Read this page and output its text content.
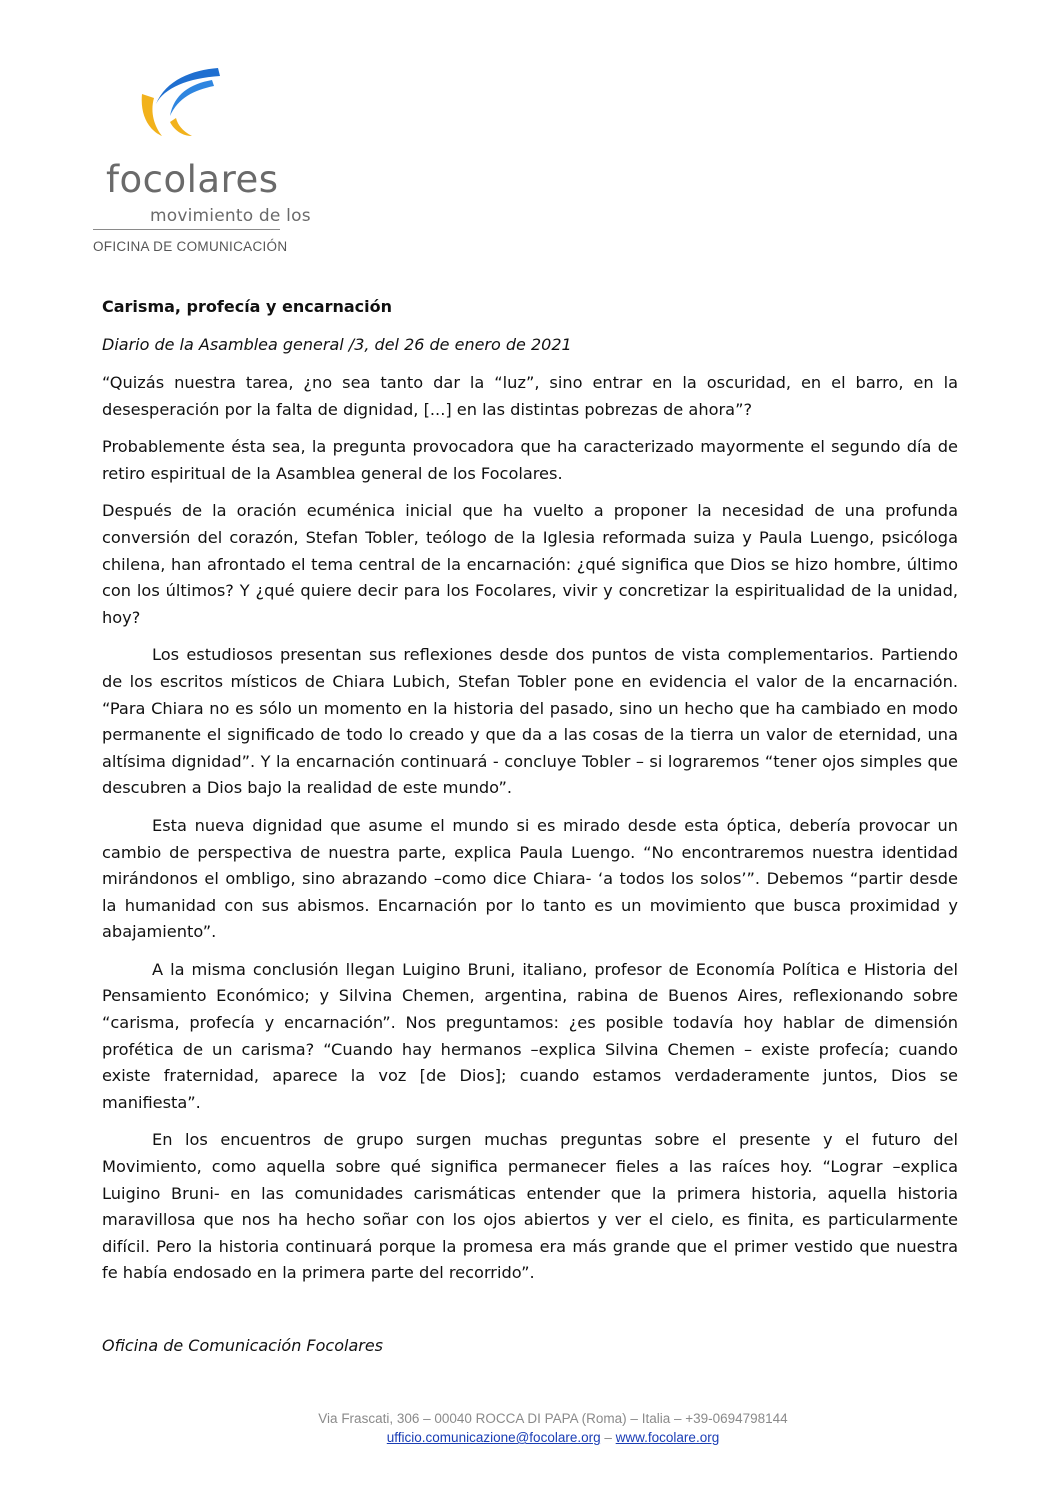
movimiento de los
focolares
OFICINA DE COMUNICACIÓN
Carisma, profecía y encarnación
Diario de la Asamblea general /3, del 26 de enero de 2021

“Quizás nuestra tarea, ¿no sea tanto dar la “luz”, sino entrar en la oscuridad, en el barro, en la desesperación por la falta de dignidad, [...] en las distintas pobrezas de ahora”?

Probablemente ésta sea, la pregunta provocadora que ha caracterizado mayormente el segundo día de retiro espiritual de la Asamblea general de los Focolares.

Después de la oración ecuménica inicial que ha vuelto a proponer la necesidad de una profunda conversión del corazón, Stefan Tobler, teólogo de la Iglesia reformada suiza y Paula Luengo, psicóloga chilena, han afrontado el tema central de la encarnación: ¿qué significa que Dios se hizo hombre, último con los últimos? Y ¿qué quiere decir para los Focolares, vivir y concretizar la espiritualidad de la unidad, hoy?

Los estudiosos presentan sus reflexiones desde dos puntos de vista complementarios. Partiendo de los escritos místicos de Chiara Lubich, Stefan Tobler pone en evidencia el valor de la encarnación. “Para Chiara no es sólo un momento en la historia del pasado, sino un hecho que ha cambiado en modo permanente el significado de todo lo creado y que da a las cosas de la tierra un valor de eternidad, una altísima dignidad”. Y la encarnación continuará - concluye Tobler – si lograremos “tener ojos simples que descubren a Dios bajo la realidad de este mundo”.

Esta nueva dignidad que asume el mundo si es mirado desde esta óptica, debería provocar un cambio de perspectiva de nuestra parte, explica Paula Luengo. “No encontraremos nuestra identidad mirándonos el ombligo, sino abrazando –como dice Chiara- ‘a todos los solos’”. Debemos “partir desde la humanidad con sus abismos. Encarnación por lo tanto es un movimiento que busca proximidad y abajamiento”.

A la misma conclusión llegan Luigino Bruni, italiano, profesor de Economía Política e Historia del Pensamiento Económico; y Silvina Chemen, argentina, rabina de Buenos Aires, reflexionando sobre “carisma, profecía y encarnación”. Nos preguntamos: ¿es posible todavía hoy hablar de dimensión profética de un carisma? “Cuando hay hermanos –explica Silvina Chemen – existe profecía; cuando existe fraternidad, aparece la voz [de Dios]; cuando estamos verdaderamente juntos, Dios se manifiesta”.

En los encuentros de grupo surgen muchas preguntas sobre el presente y el futuro del Movimiento, como aquella sobre qué significa permanecer fieles a las raíces hoy. “Lograr –explica Luigino Bruni- en las comunidades carismáticas entender que la primera historia, aquella historia maravillosa que nos ha hecho soñar con los ojos abiertos y ver el cielo, es finita, es particularmente difícil. Pero la historia continuará porque la promesa era más grande que el primer vestido que nuestra fe había endosado en la primera parte del recorrido”.

Oficina de Comunicación Focolares
Via Frascati, 306 – 00040 ROCCA DI PAPA (Roma) – Italia – +39-0694798144
ufficio.comunicazione@focolare.org – www.focolare.org
